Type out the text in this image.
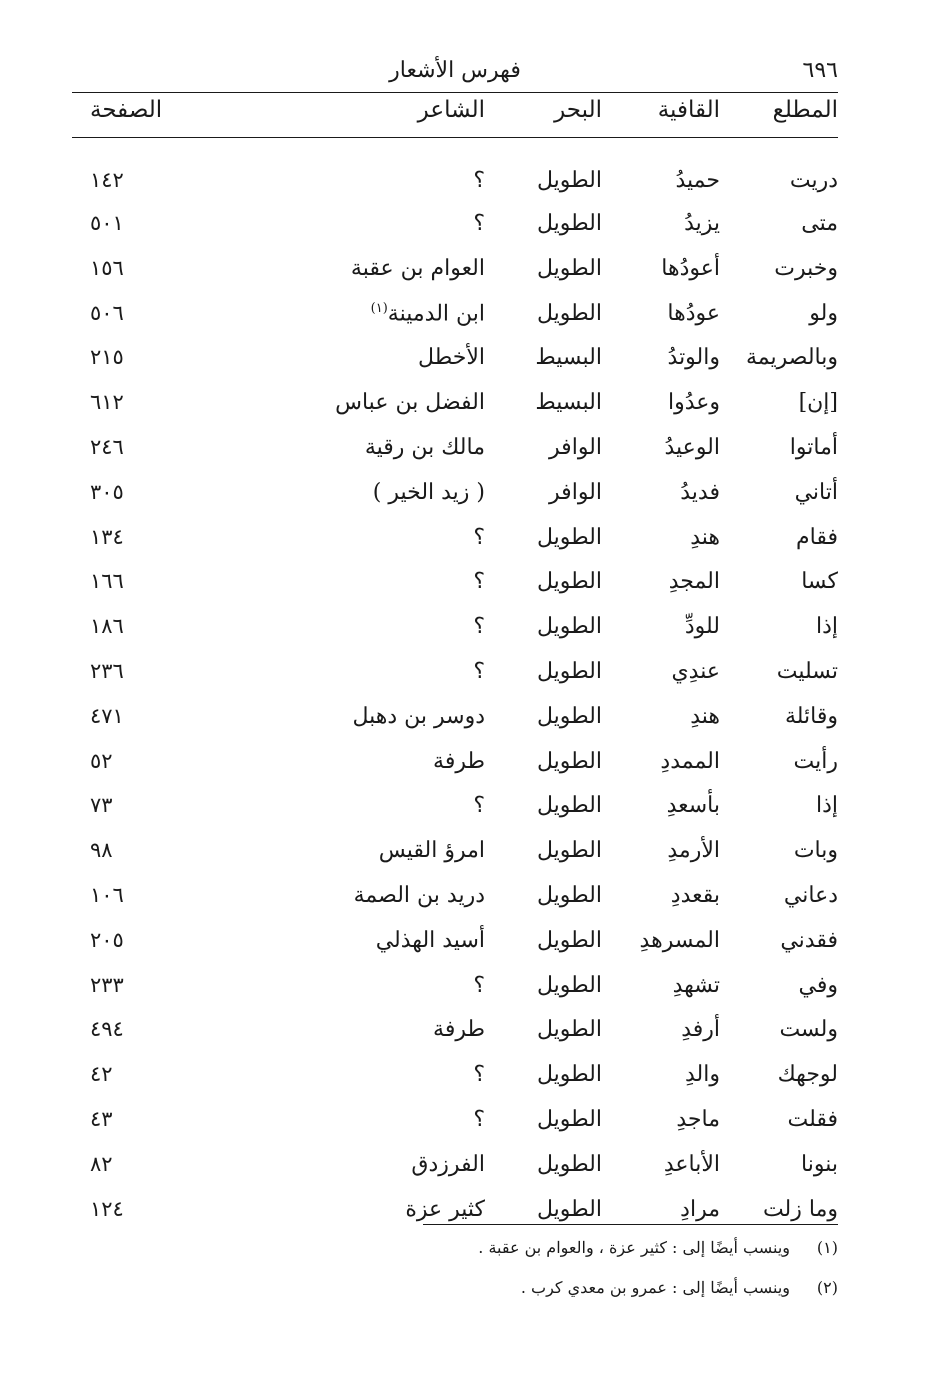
٦٩٦
فهرس الأشعار
المطلع
القافية
البحر
الشاعر
الصفحة
دريت
حميدُ
الطويل
؟
١٤٢
متى
يزيدُ
الطويل
؟
٥٠١
وخبرت
أعودُها
الطويل
العوام بن عقبة
١٥٦
ولو
عودُها
الطويل
ابن الدمينة$^{(١)}$
٥٠٦
وبالصريمة
والوتدُ
البسيط
الأخطل
٢١٥
[إن]
وعدُوا
البسيط
الفضل بن عباس
٦١٢
أماتوا
الوعيدُ
الوافر
مالك بن رقية
٢٤٦
أتاني
فديدُ
الوافر
( زيد الخير )
٣٠٥
فقام
هندِ
الطويل
؟
١٣٤
كسا
المجدِ
الطويل
؟
١٦٦
إذا
للودِّ
الطويل
؟
١٨٦
تسليت
عندِي
الطويل
؟
٢٣٦
وقائلة
هندِ
الطويل
دوسر بن دهبل
٤٧١
رأيت
الممددِ
الطويل
طرفة
٥٢
إذا
بأسعدِ
الطويل
؟
٧٣
وبات
الأرمدِ
الطويل
امرؤ القيس
٩٨
دعاني
بقعددِ
الطويل
دريد بن الصمة
١٠٦
فقدني
المسرهدِ
الطويل
أسيد الهذلي
٢٠٥
وفي
تشهدِ
الطويل
؟
٢٣٣
ولست
أرفدِ
الطويل
طرفة
٤٩٤
لوجهك
والدِ
الطويل
؟
٤٢
فقلت
ماجدِ
الطويل
؟
٤٣
بنونا
الأباعدِ
الطويل
الفرزدق
٨٢
وما زلت
مرادِ
الطويل
كثير عزة
١٢٤
(١)
وينسب أيضًا إلى : كثير عزة ، والعوام بن عقبة .
(٢)
وينسب أيضًا إلى : عمرو بن معدي كرب .
